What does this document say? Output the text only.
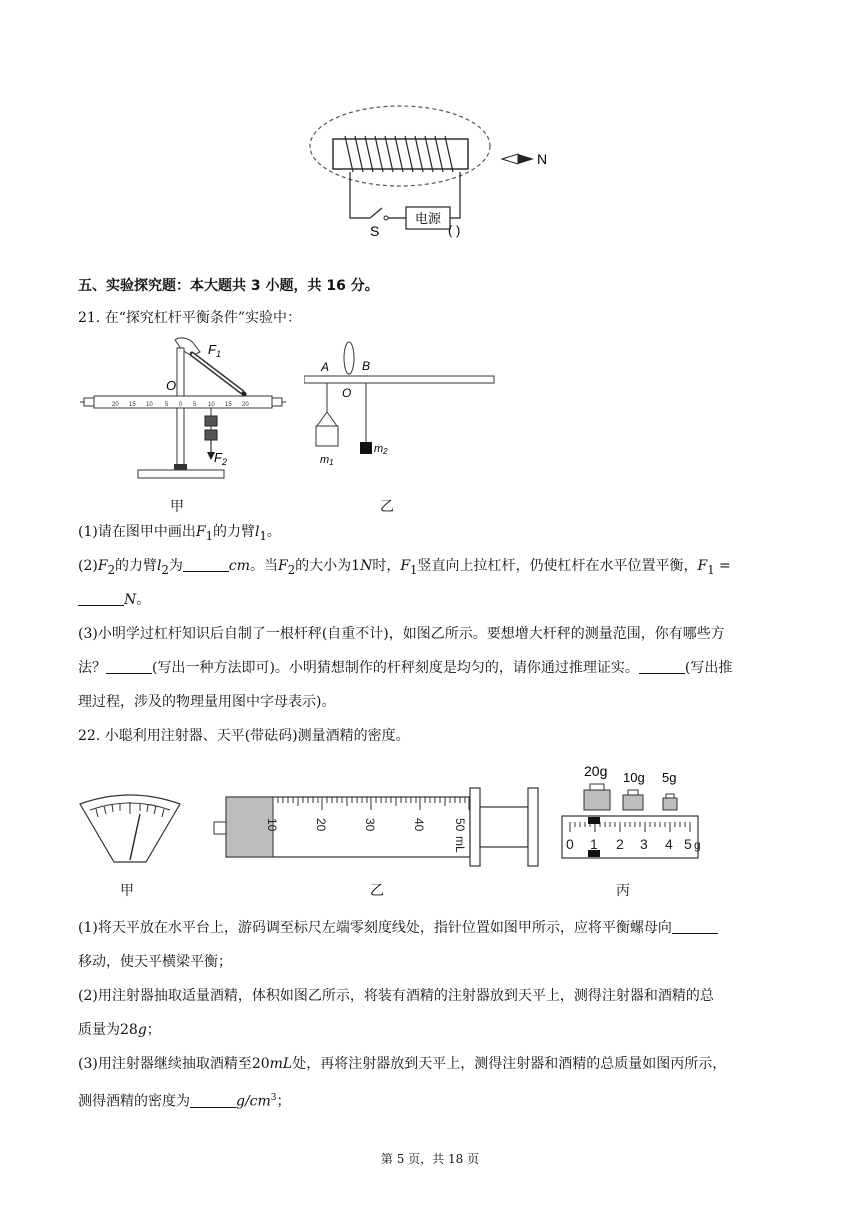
电源
S	( )
N
五、实验探究题：本大题共 3 小题，共 16 分。
21. 在“探究杠杆平衡条件”实验中：
$F_1$
O
20 15 10 5 0 5 10 15 20
$F_2$
甲
A	B
O
m1
m2
乙
(1)请在图甲中画出$F_1$的力臂$l_1$。
$(2)F_2$的力臂$l_2$为	cm。当$F_2$的大小为1N时，$F_1$竖直向上拉杠杆，仍使杠杆在水平位置平衡，$F_1$ =
N。
(3)小明学过杠杆知识后自制了一根杆秤(自重不计)，如图乙所示。要想增大杆秤的测量范围，你有哪些方
法？	(写出一种方法即可)。小明猜想制作的杆秤刻度是均匀的，请你通过推理证实。	(写出推
理过程，涉及的物理量用图中字母表示)。
22. 小聪利用注射器、天平(带砝码)测量酒精的密度。
甲
10	20	30	40 50
mL
乙
20g 10g 5g
0 1 2 3 4 5 g
丙
(1)将天平放在水平台上，游码调至标尺左端零刻度线处，指针位置如图甲所示，应将平衡螺母向
移动，使天平横梁平衡；
(2)用注射器抽取适量酒精，体积如图乙所示，将装有酒精的注射器放到天平上，测得注射器和酒精的总
质量为28g；
(3)用注射器继续抽取酒精至20mL处，再将注射器放到天平上，测得注射器和酒精的总质量如图丙所示，
测得酒精的密度为	$g/cm^3$；
第 5 页，共 18 页
